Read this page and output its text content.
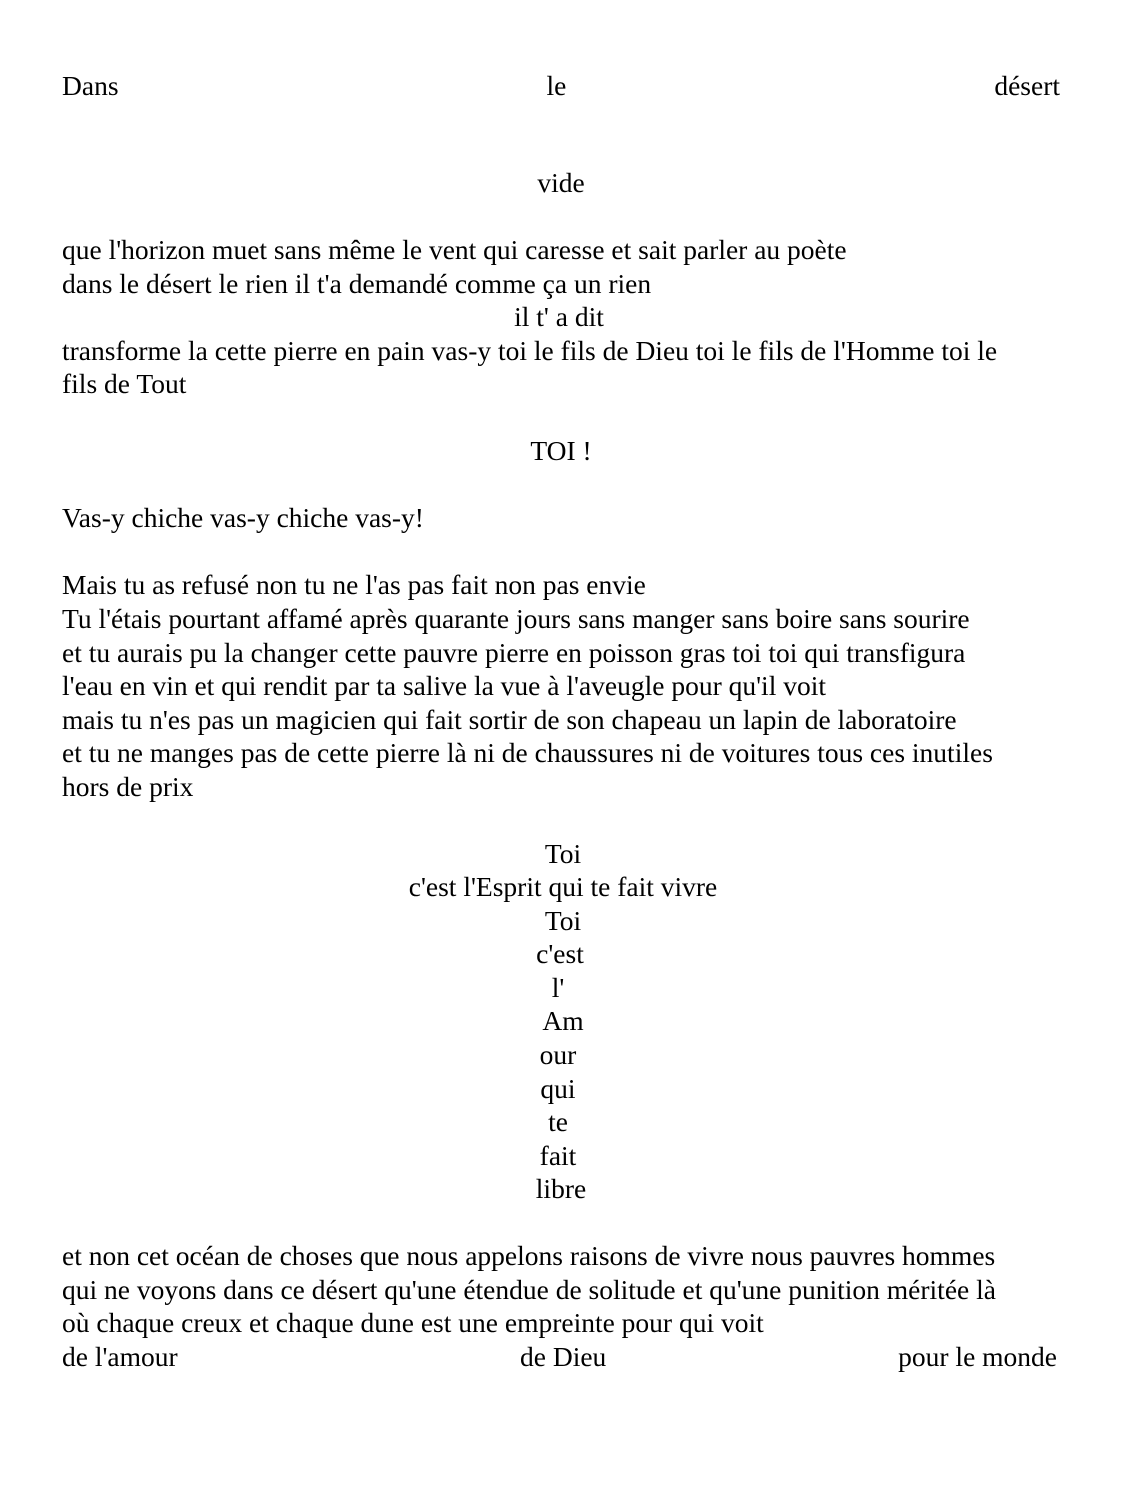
Dans	le	désert
vide
que l'horizon muet sans même le vent qui caresse et sait parler au poète
dans le désert le rien il t'a demandé comme ça un rien
il t' a dit
transforme la cette pierre en pain vas-y toi le fils de Dieu toi le fils de l'Homme toi le
fils de Tout
TOI !
Vas-y chiche vas-y chiche vas-y!
Mais tu as refusé non tu ne l'as pas fait non pas envie
Tu l'étais pourtant affamé après quarante jours sans manger sans boire sans sourire
et tu aurais pu la changer cette pauvre pierre en poisson gras toi toi qui transfigura
l'eau en vin et qui rendit par ta salive la vue à l'aveugle pour qu'il voit
mais tu n'es pas un magicien qui fait sortir de son chapeau un lapin de laboratoire
et tu ne manges pas de cette pierre là ni de chaussures ni de voitures tous ces inutiles
hors de prix
Toi
c'est l'Esprit qui te fait vivre
Toi
c'est
l'
Am
our
qui
te
fait
libre
et non cet océan de choses que nous appelons raisons de vivre nous pauvres hommes
qui ne voyons dans ce désert qu'une étendue de solitude et qu'une punition méritée là
où chaque creux et chaque dune est une empreinte pour qui voit
de l'amour	de Dieu	pour le monde
